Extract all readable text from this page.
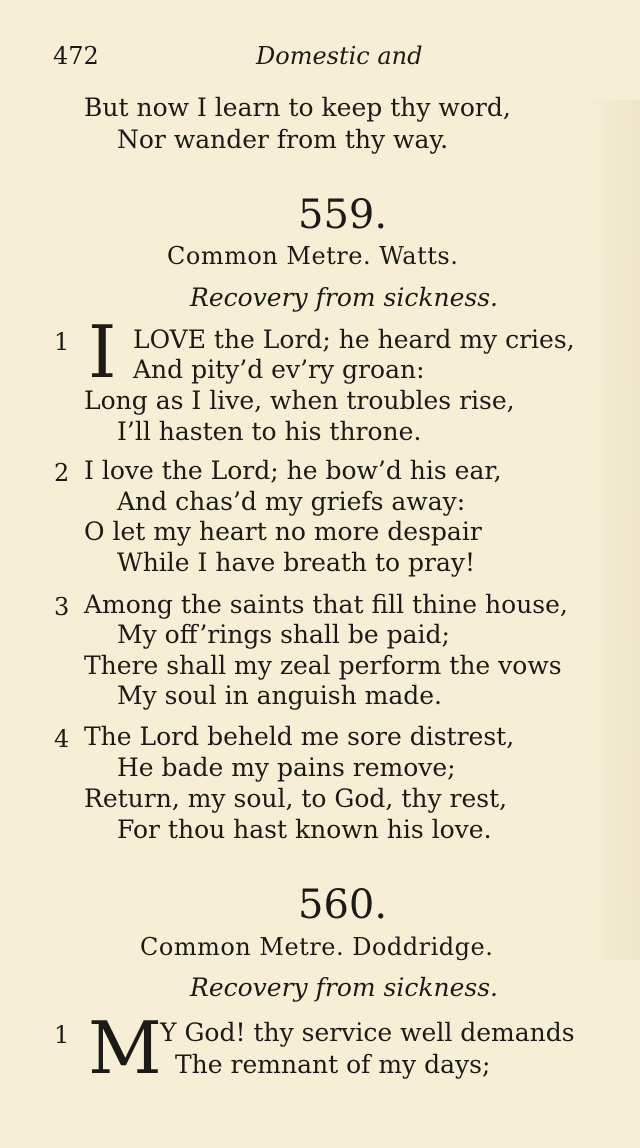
472	Domestic and
But now I learn to keep thy word,
Nor wander from thy way.
559.
Common Metre. Watts.
Recovery from sickness.
1 I LOVE the Lord; he heard my cries,
And pity’d ev’ry groan:
Long as I live, when troubles rise,
I’ll hasten to his throne.
2 I love the Lord; he bow’d his ear,
And chas’d my griefs away:
O let my heart no more despair
While I have breath to pray!
3 Among the saints that fill thine house,
My off’rings shall be paid;
There shall my zeal perform the vows
My soul in anguish made.
4 The Lord beheld me sore distrest,
He bade my pains remove;
Return, my soul, to God, thy rest,
For thou hast known his love.
560.
Common Metre. Doddridge.
Recovery from sickness.
1 M
Y God! thy service well demands
The remnant of my days;
